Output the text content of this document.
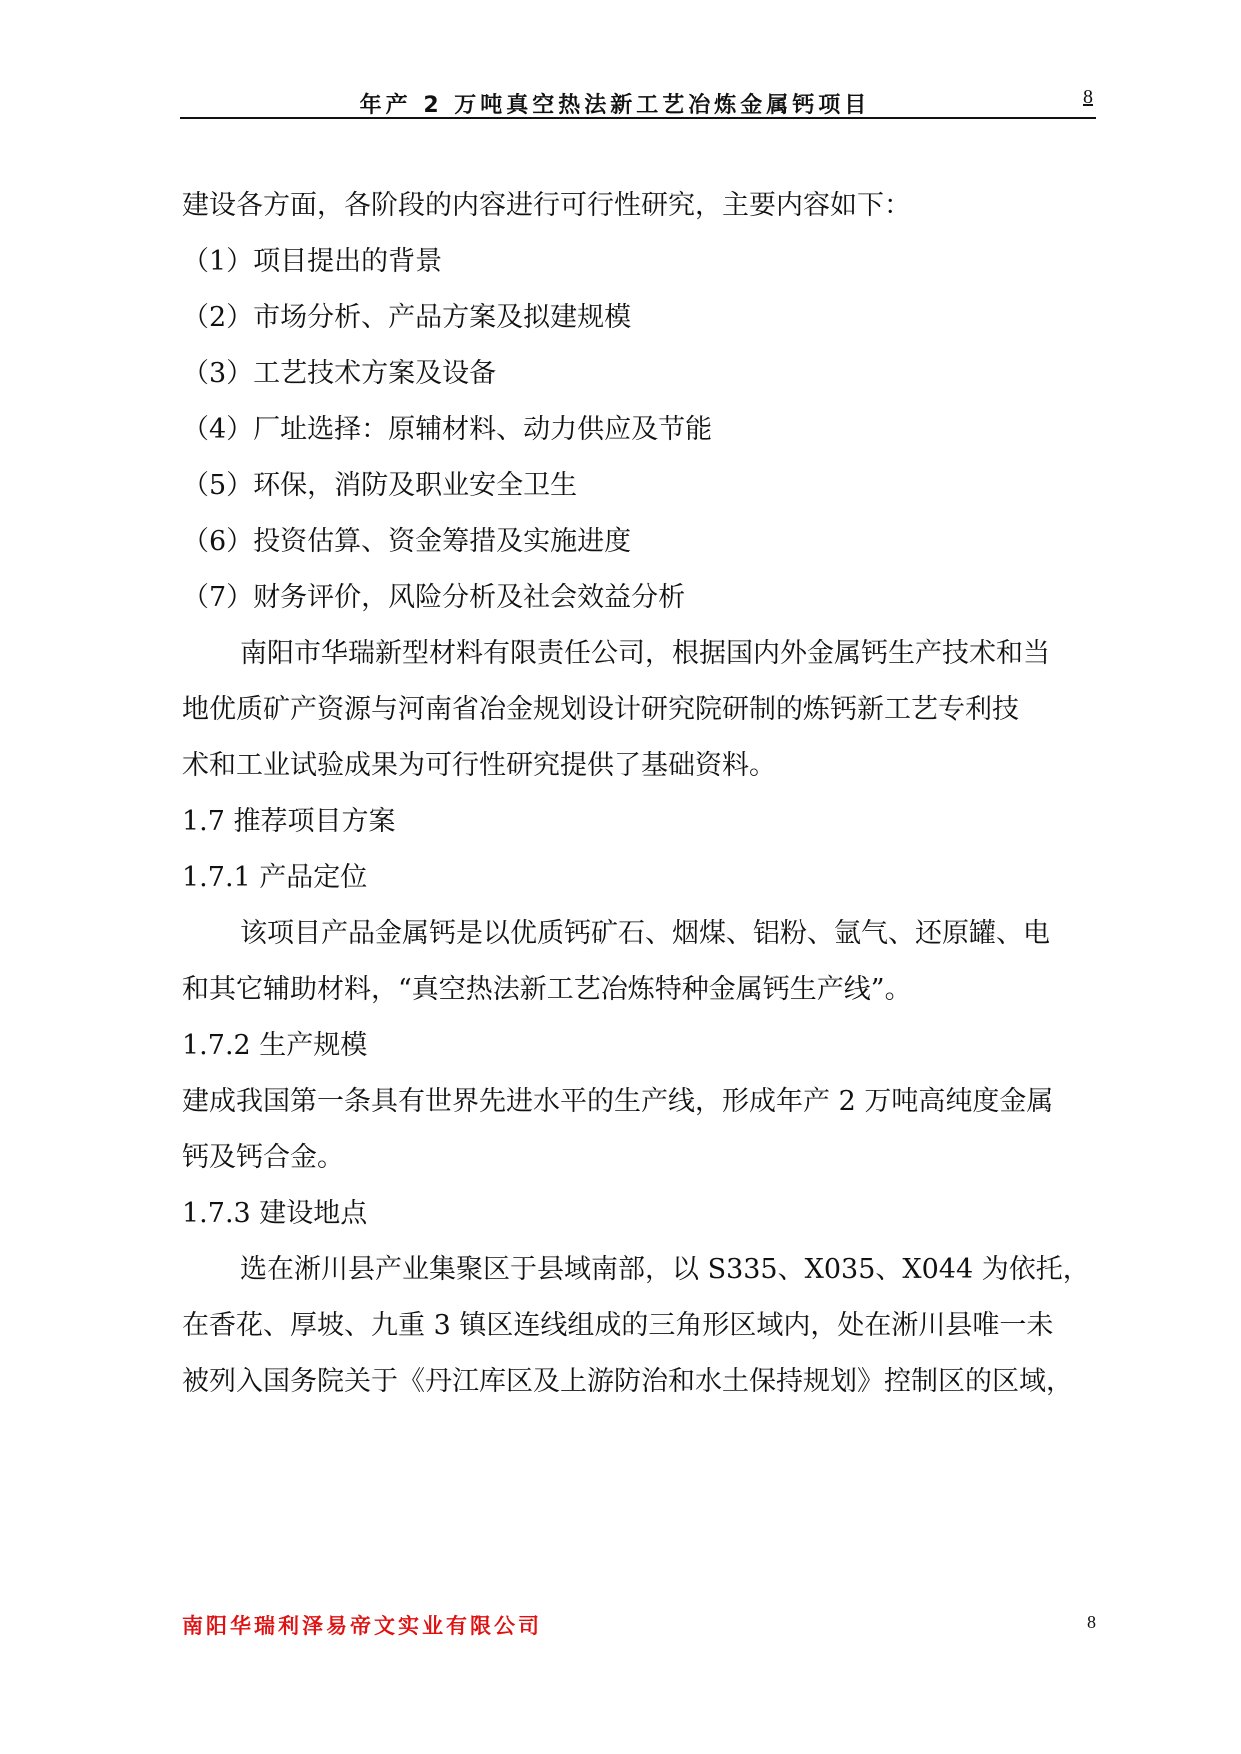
年产 2 万吨真空热法新工艺冶炼金属钙项目	8
建设各方面，各阶段的内容进行可行性研究，主要内容如下：
（1）项目提出的背景
（2）市场分析、产品方案及拟建规模
（3）工艺技术方案及设备
（4）厂址选择：原辅材料、动力供应及节能
（5）环保，消防及职业安全卫生
（6）投资估算、资金筹措及实施进度
（7）财务评价，风险分析及社会效益分析
南阳市华瑞新型材料有限责任公司，根据国内外金属钙生产技术和当
地优质矿产资源与河南省冶金规划设计研究院研制的炼钙新工艺专利技
术和工业试验成果为可行性研究提供了基础资料。
1.7 推荐项目方案
1.7.1 产品定位
该项目产品金属钙是以优质钙矿石、烟煤、铝粉、氩气、还原罐、电
和其它辅助材料，“真空热法新工艺冶炼特种金属钙生产线”。
1.7.2 生产规模
建成我国第一条具有世界先进水平的生产线，形成年产 2 万吨高纯度金属
钙及钙合金。
1.7.3 建设地点
选在淅川县产业集聚区于县域南部，以 S335、X035、X044 为依托，
在香花、厚坡、九重 3 镇区连线组成的三角形区域内，处在淅川县唯一未
被列入国务院关于《丹江库区及上游防治和水土保持规划》控制区的区域，
南阳华瑞利泽易帝文实业有限公司	8
